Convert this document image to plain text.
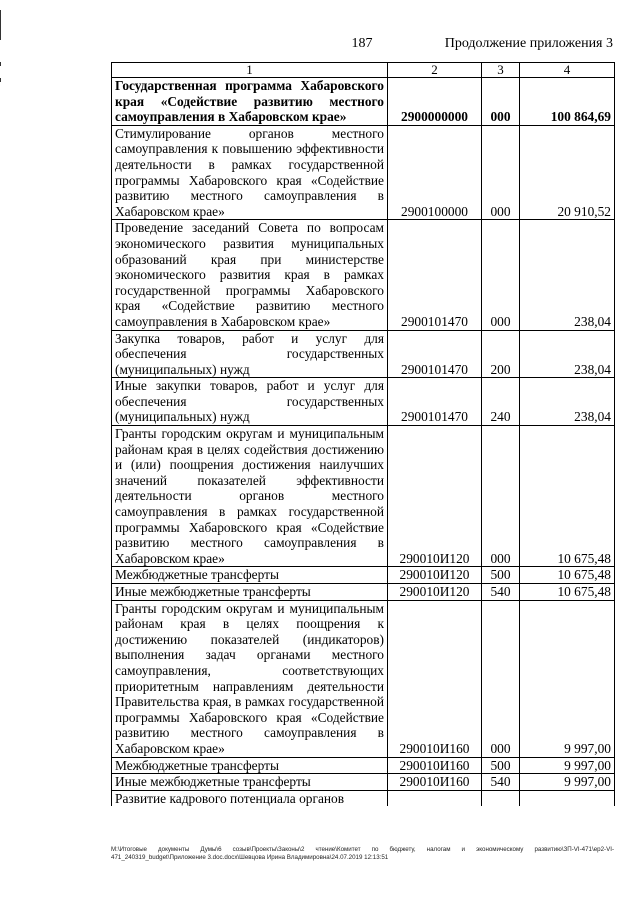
187	Продолжение приложения 3
1	2	3	4
Государственная программа Хабаровского края «Содействие развитию местного самоуправления в Хабаровском крае»	2900000000	000	100 864,69
Стимулирование органов местного самоуправления к повышению эффективности деятельности в рамках государственной программы Хабаровского края «Содействие развитию местного самоуправления в Хабаровском крае»	2900100000	000	20 910,52
Проведение заседаний Совета по вопросам экономического развития муниципальных образований края при министерстве экономического развития края в рамках государственной программы Хабаровского края «Содействие развитию местного самоуправления в Хабаровском крае»	2900101470	000	238,04
Закупка товаров, работ и услуг для обеспечения государственных (муниципальных) нужд	2900101470	200	238,04
Иные закупки товаров, работ и услуг для обеспечения государственных (муниципальных) нужд	2900101470	240	238,04
Гранты городским округам и муниципальным районам края в целях содействия достижению и (или) поощрения достижения наилучших значений показателей эффективности деятельности органов местного самоуправления в рамках государственной программы Хабаровского края «Содействие развитию местного самоуправления в Хабаровском крае»	290010И120	000	10 675,48
Межбюджетные трансферты	290010И120	500	10 675,48
Иные межбюджетные трансферты	290010И120	540	10 675,48
Гранты городским округам и муниципальным районам края в целях поощрения к достижению показателей (индикаторов) выполнения задач органами местного самоуправления, соответствующих приоритетным направлениям деятельности Правительства края, в рамках государственной программы Хабаровского края «Содействие развитию местного самоуправления в Хабаровском крае»	290010И160	000	9 997,00
Межбюджетные трансферты	290010И160	500	9 997,00
Иные межбюджетные трансферты	290010И160	540	9 997,00
Развитие кадрового потенциала органов			
M:\Итоговые документы Думы\6 созыв\Проекты\Законы\2 чтение\Комитет по бюджету, налогам и экономическому развитию\ЗП-VI-471\ep2-VI-471_240319_budget\Приложение 3.doc.docx\Шевцова Ирина Владимировна\24.07.2019 12:13:51
